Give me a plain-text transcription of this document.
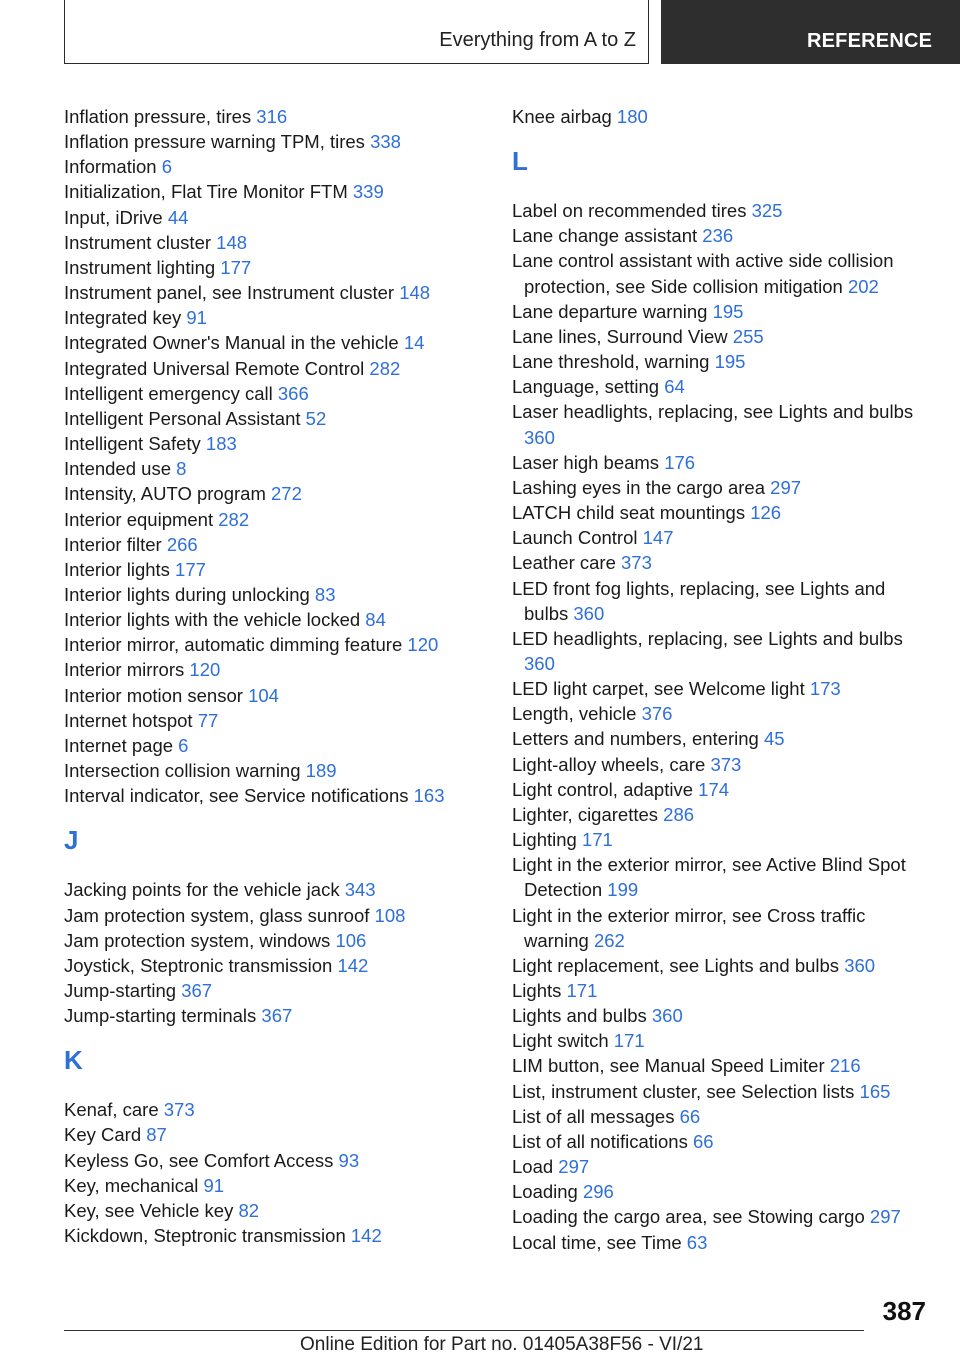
Everything from A to Z	REFERENCE

Inflation pressure, tires 316

Inflation pressure warning TPM, tires 338

Information 6

Initialization, Flat Tire Monitor FTM 339

Input, iDrive 44

Instrument cluster 148

Instrument lighting 177

Instrument panel, see Instrument cluster 148

Integrated key 91

Integrated Owner's Manual in the vehicle 14

Integrated Universal Remote Control 282

Intelligent emergency call 366

Intelligent Personal Assistant 52

Intelligent Safety 183

Intended use 8

Intensity, AUTO program 272

Interior equipment 282

Interior filter 266

Interior lights 177

Interior lights during unlocking 83

Interior lights with the vehicle locked 84

Interior mirror, automatic dimming feature 120

Interior mirrors 120

Interior motion sensor 104

Internet hotspot 77

Internet page 6

Intersection collision warning 189

Interval indicator, see Service notifications 163

J

Jacking points for the vehicle jack 343

Jam protection system, glass sunroof 108

Jam protection system, windows 106

Joystick, Steptronic transmission 142

Jump-starting 367

Jump-starting terminals 367

K

Kenaf, care 373

Key Card 87

Keyless Go, see Comfort Access 93

Key, mechanical 91

Key, see Vehicle key 82

Kickdown, Steptronic transmission 142

Knee airbag 180

L

Label on recommended tires 325

Lane change assistant 236

Lane control assistant with active side collision protection, see Side collision mitigation 202

Lane departure warning 195

Lane lines, Surround View 255

Lane threshold, warning 195

Language, setting 64

Laser headlights, replacing, see Lights and bulbs 360

Laser high beams 176

Lashing eyes in the cargo area 297

LATCH child seat mountings 126

Launch Control 147

Leather care 373

LED front fog lights, replacing, see Lights and bulbs 360

LED headlights, replacing, see Lights and bulbs 360

LED light carpet, see Welcome light 173

Length, vehicle 376

Letters and numbers, entering 45

Light-alloy wheels, care 373

Light control, adaptive 174

Lighter, cigarettes 286

Lighting 171

Light in the exterior mirror, see Active Blind Spot Detection 199

Light in the exterior mirror, see Cross traffic warning 262

Light replacement, see Lights and bulbs 360

Lights 171

Lights and bulbs 360

Light switch 171

LIM button, see Manual Speed Limiter 216

List, instrument cluster, see Selection lists 165

List of all messages 66

List of all notifications 66

Load 297

Loading 296

Loading the cargo area, see Stowing cargo 297

Local time, see Time 63

387
Online Edition for Part no. 01405A38F56 - VI/21
